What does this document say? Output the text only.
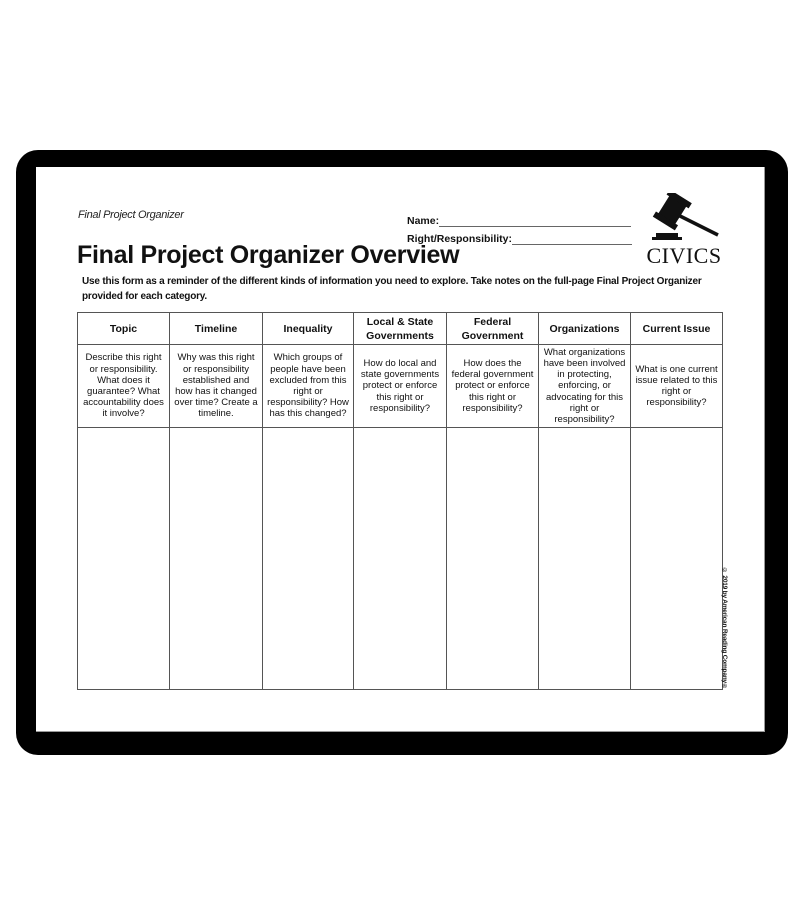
Final Project Organizer	Name:
Right/Responsibility:
CIVICS
Final Project Organizer Overview
Use this form as a reminder of the different kinds of information you need to explore. Take notes on the full-page Final Project Organizer provided for each category.
Topic	Timeline	Inequality	Local & State Governments	Federal Government	Organizations	Current Issue
Describe this right or responsibility. What does it guarantee? What accountability does it involve?	Why was this right or responsibility established and how has it changed over time? Create a timeline.	Which groups of people have been excluded from this right or responsibility? How has this changed?	How do local and state governments protect or enforce this right or responsibility?	How does the federal government protect or enforce this right or responsibility?	What organizations have been involved in protecting, enforcing, or advocating for this right or responsibility?	What is one current issue related to this right or responsibility?

© 2019 by American Reading Company®
